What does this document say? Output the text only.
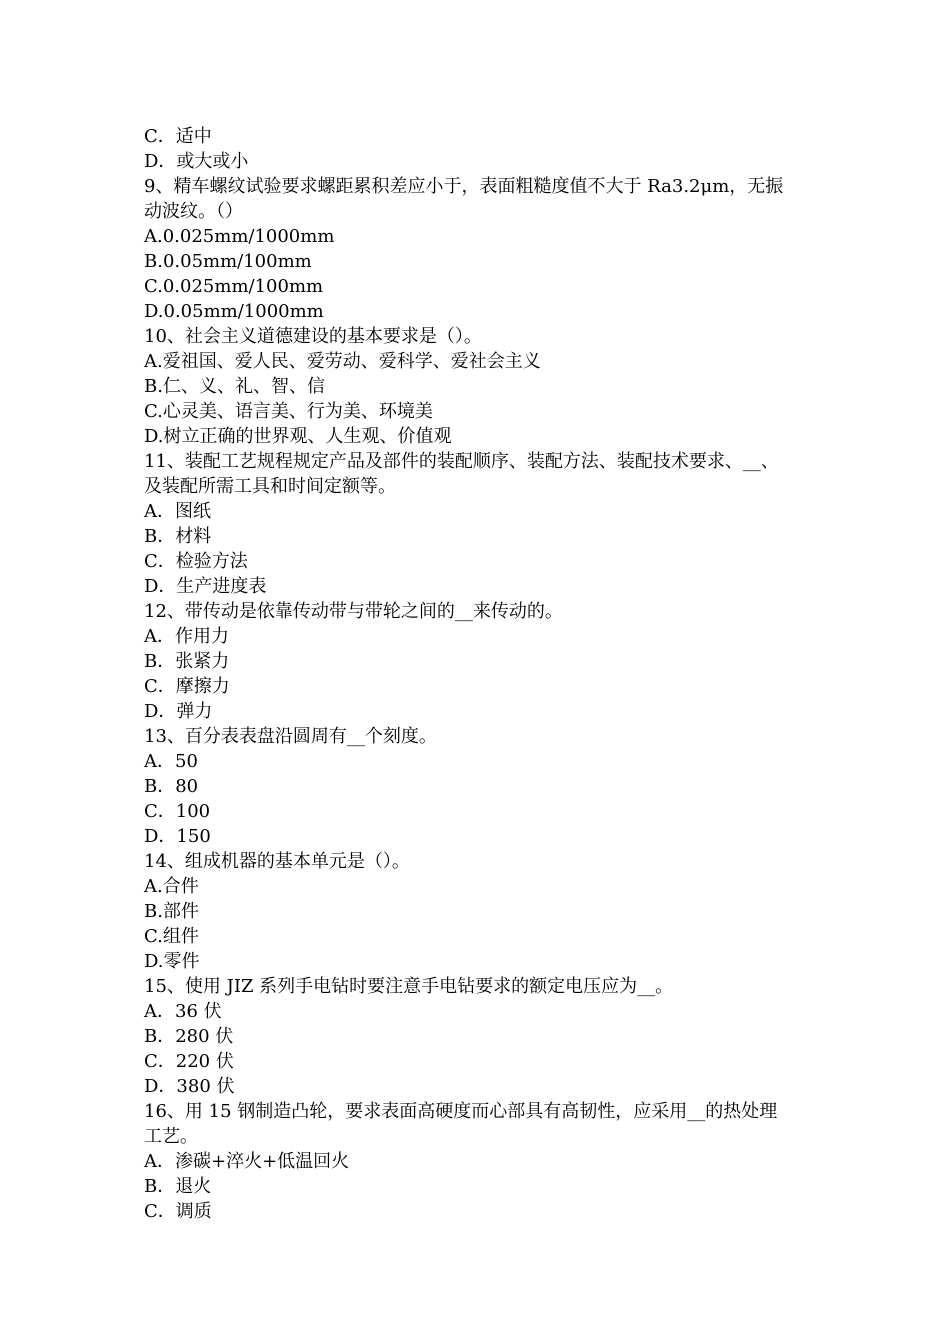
C．适中

D．或大或小

9、精车螺纹试验要求螺距累积差应小于，表面粗糙度值不大于 Ra3.2μm，无振

动波纹。（）

A.0.025mm/1000mm

B.0.05mm/100mm

C.0.025mm/100mm

D.0.05mm/1000mm

10、社会主义道德建设的基本要求是（）。

A.爱祖国、爱人民、爱劳动、爱科学、爱社会主义

B.仁、义、礼、智、信

C.心灵美、语言美、行为美、环境美

D.树立正确的世界观、人生观、价值观

11、装配工艺规程规定产品及部件的装配顺序、装配方法、装配技术要求、__、

及装配所需工具和时间定额等。

A．图纸

B．材料

C．检验方法

D．生产进度表

12、带传动是依靠传动带与带轮之间的__来传动的。

A．作用力

B．张紧力

C．摩擦力

D．弹力

13、百分表表盘沿圆周有__个刻度。

A．50

B．80

C．100

D．150

14、组成机器的基本单元是（）。

A.合件

B.部件

C.组件

D.零件

15、使用 JIZ 系列手电钻时要注意手电钻要求的额定电压应为__。

A．36 伏

B．280 伏

C．220 伏

D．380 伏

16、用 15 钢制造凸轮，要求表面高硬度而心部具有高韧性，应采用__的热处理

工艺。

A．渗碳+淬火+低温回火

B．退火

C．调质
